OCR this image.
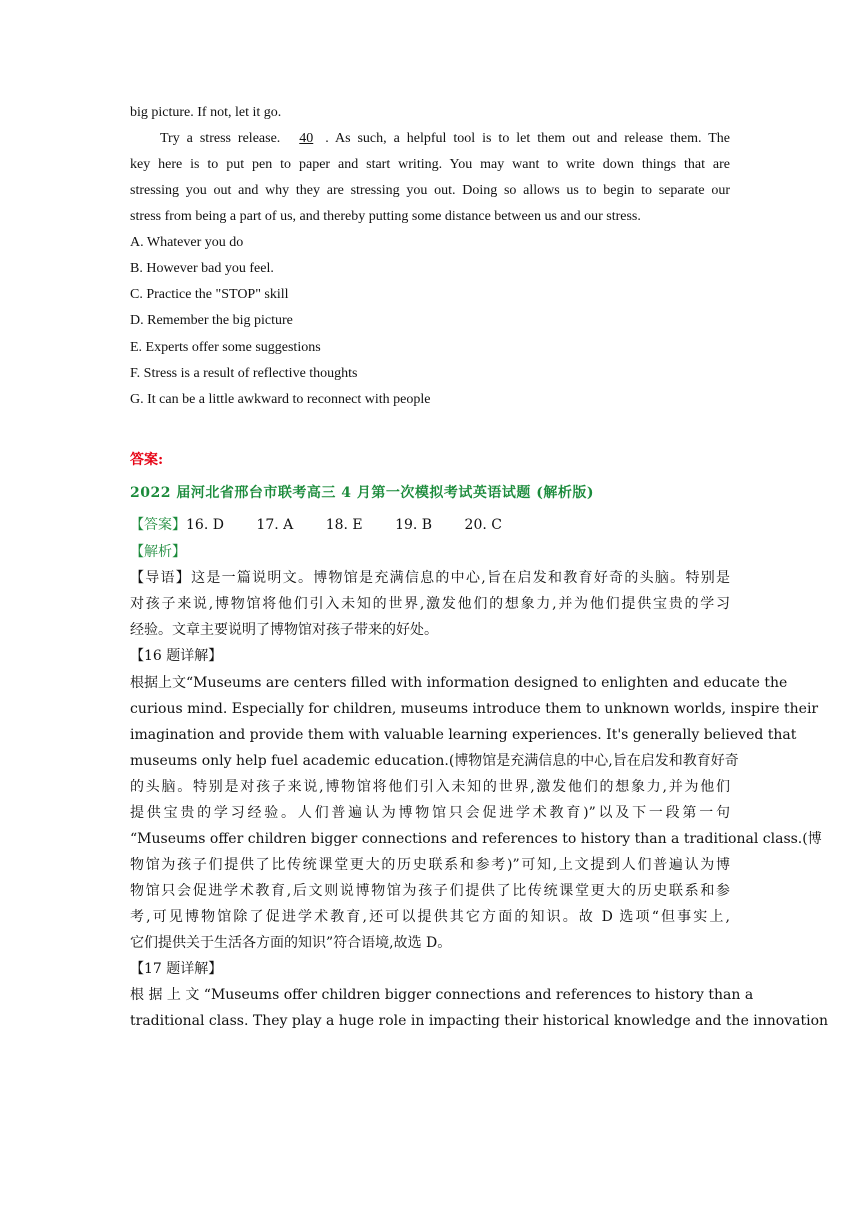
big picture. If not, let it go.
Try a stress release. 40 . As such, a helpful tool is to let them out and release them. The
key here is to put pen to paper and start writing. You may want to write down things that are
stressing you out and why they are stressing you out. Doing so allows us to begin to separate our
stress from being a part of us, and thereby putting some distance between us and our stress.
A. Whatever you do
B. However bad you feel.
C. Practice the "STOP" skill
D. Remember the big picture
E. Experts offer some suggestions
F. Stress is a result of reflective thoughts
G. It can be a little awkward to reconnect with people
答案:
2022 届河北省邢台市联考高三 4 月第一次模拟考试英语试题 (解析版)
【答案】16. D 17. A 18. E 19. B 20. C
【解析】
【导语】这是一篇说明文。博物馆是充满信息的中心,旨在启发和教育好奇的头脑。特别是
对孩子来说,博物馆将他们引入未知的世界,激发他们的想象力,并为他们提供宝贵的学习
经验。文章主要说明了博物馆对孩子带来的好处。
【16 题详解】
根据上文“Museums are centers filled with information designed to enlighten and educate the
curious mind. Especially for children, museums introduce them to unknown worlds, inspire their
imagination and provide them with valuable learning experiences. It's generally believed that
museums only help fuel academic education.(博物馆是充满信息的中心,旨在启发和教育好奇
的头脑。特别是对孩子来说,博物馆将他们引入未知的世界,激发他们的想象力,并为他们
提供宝贵的学习经验。人们普遍认为博物馆只会促进学术教育)”以及下一段第一句
“Museums offer children bigger connections and references to history than a traditional class.(博
物馆为孩子们提供了比传统课堂更大的历史联系和参考)”可知,上文提到人们普遍认为博
物馆只会促进学术教育,后文则说博物馆为孩子们提供了比传统课堂更大的历史联系和参
考,可见博物馆除了促进学术教育,还可以提供其它方面的知识。故 D 选项“但事实上,
它们提供关于生活各方面的知识”符合语境,故选 D。
【17 题详解】
根 据 上 文 “Museums offer children bigger connections and references to history than a
traditional class. They play a huge role in impacting their historical knowledge and the innovation
